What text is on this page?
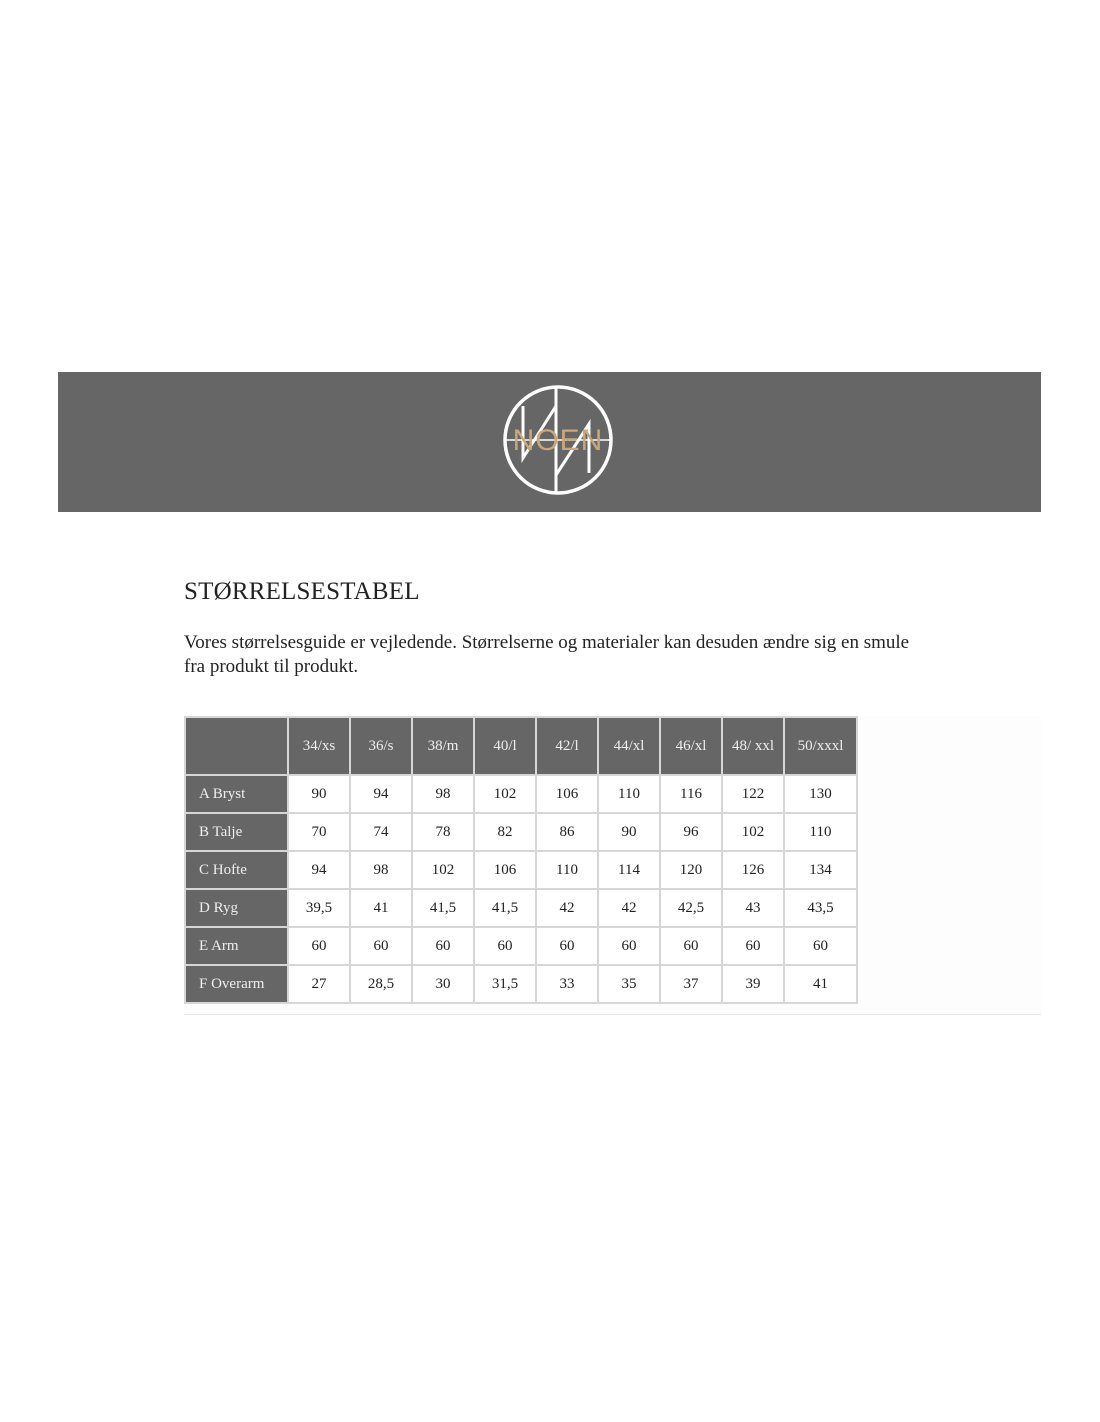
NOEN
STØRRELSESTABEL

Vores størrelsesguide er vejledende. Størrelserne og materialer kan desuden ændre sig en smule fra produkt til produkt.

	34/xs	36/s	38/m	40/l	42/l	44/xl	46/xl	48/ xxl	50/xxxl
A Bryst	90	94	98	102	106	110	116	122	130
B Talje	70	74	78	82	86	90	96	102	110
C Hofte	94	98	102	106	110	114	120	126	134
D Ryg	39,5	41	41,5	41,5	42	42	42,5	43	43,5
E Arm	60	60	60	60	60	60	60	60	60
F Overarm	27	28,5	30	31,5	33	35	37	39	41
